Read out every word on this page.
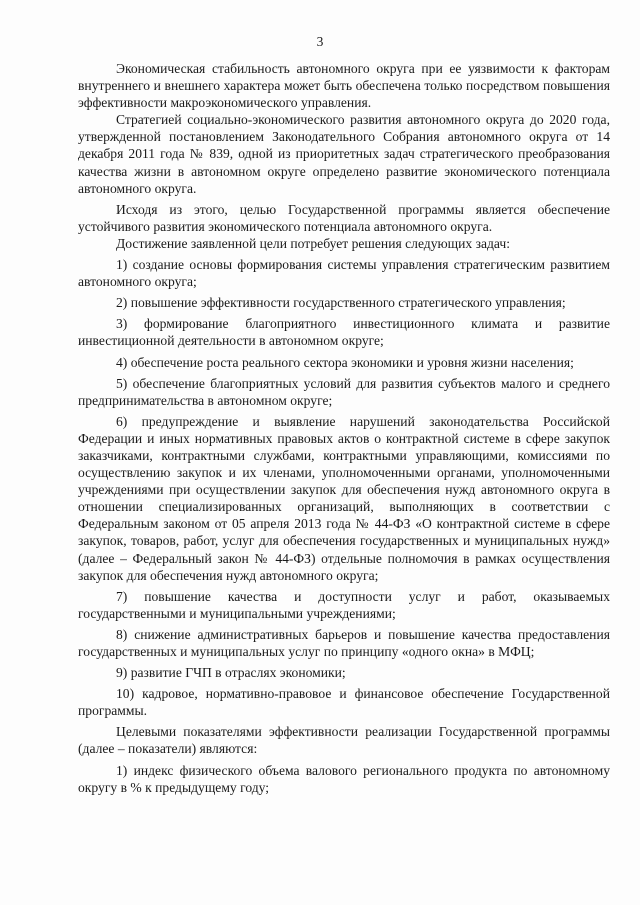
3

Экономическая стабильность автономного округа при ее уязвимости к факторам внутреннего и внешнего характера может быть обеспечена только посредством повышения эффективности макроэкономического управления.

Стратегией социально-экономического развития автономного округа до 2020 года, утвержденной постановлением Законодательного Собрания автономного округа от 14 декабря 2011 года № 839, одной из приоритетных задач стратегического преобразования качества жизни в автономном округе определено развитие экономического потенциала автономного округа.

Исходя из этого, целью Государственной программы является обеспечение устойчивого развития экономического потенциала автономного округа.

Достижение заявленной цели потребует решения следующих задач:

1) создание основы формирования системы управления стратегическим развитием автономного округа;

2) повышение эффективности государственного стратегического управления;

3) формирование благоприятного инвестиционного климата и развитие инвестиционной деятельности в автономном округе;

4) обеспечение роста реального сектора экономики и уровня жизни населения;

5) обеспечение благоприятных условий для развития субъектов малого и среднего предпринимательства в автономном округе;

6) предупреждение и выявление нарушений законодательства Российской Федерации и иных нормативных правовых актов о контрактной системе в сфере закупок заказчиками, контрактными службами, контрактными управляющими, комиссиями по осуществлению закупок и их членами, уполномоченными органами, уполномоченными учреждениями при осуществлении закупок для обеспечения нужд автономного округа в отношении специализированных организаций, выполняющих в соответствии с Федеральным законом от 05 апреля 2013 года № 44-ФЗ «О контрактной системе в сфере закупок, товаров, работ, услуг для обеспечения государственных и муниципальных нужд» (далее – Федеральный закон № 44-ФЗ) отдельные полномочия в рамках осуществления закупок для обеспечения нужд автономного округа;

7) повышение качества и доступности услуг и работ, оказываемых государственными и муниципальными учреждениями;

8) снижение административных барьеров и повышение качества предоставления государственных и муниципальных услуг по принципу «одного окна» в МФЦ;

9) развитие ГЧП в отраслях экономики;

10) кадровое, нормативно-правовое и финансовое обеспечение Государственной программы.

Целевыми показателями эффективности реализации Государственной программы (далее – показатели) являются:

1) индекс физического объема валового регионального продукта по автономному округу в % к предыдущему году;
